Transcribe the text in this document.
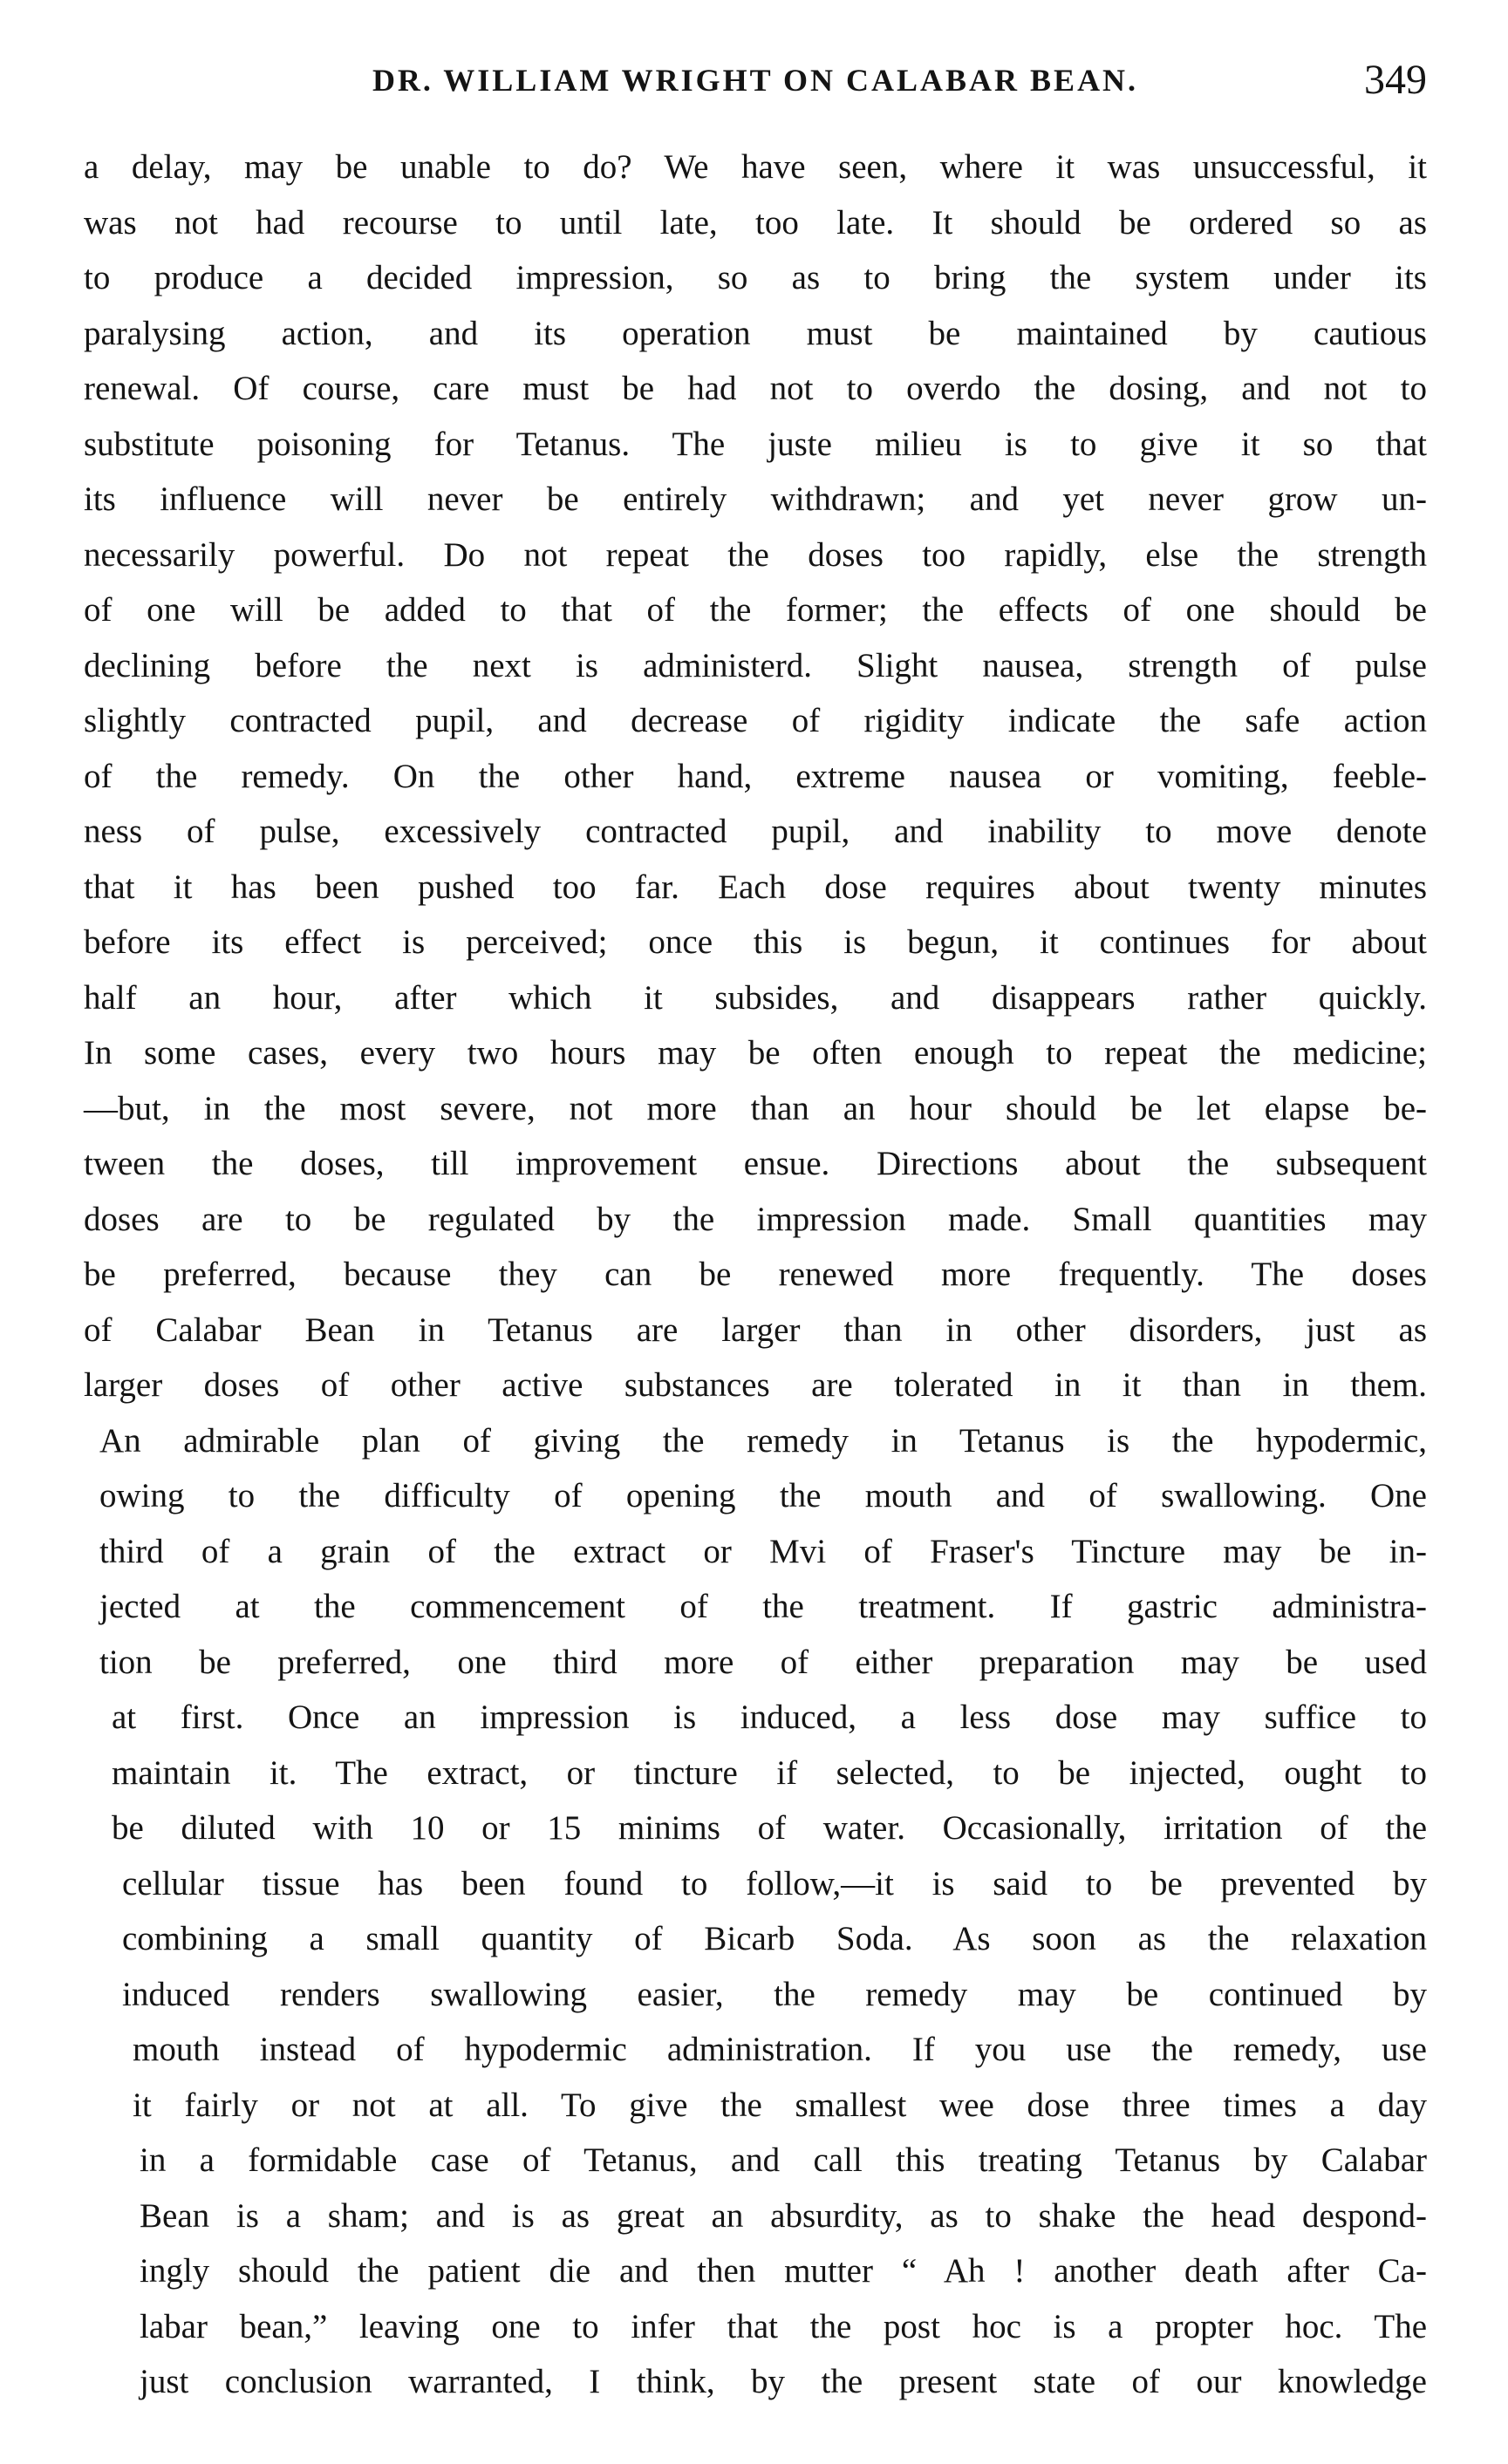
DR. WILLIAM WRIGHT ON CALABAR BEAN.	349
a delay, may be unable to do? We have seen, where it was unsuccessful, it
was not had recourse to until late, too late. It should be ordered so as
to produce a decided impression, so as to bring the system under its
paralysing action, and its operation must be maintained by cautious
renewal. Of course, care must be had not to overdo the dosing, and not to
substitute poisoning for Tetanus. The juste milieu is to give it so that
its influence will never be entirely withdrawn; and yet never grow un-
necessarily powerful. Do not repeat the doses too rapidly, else the strength
of one will be added to that of the former; the effects of one should be
declining before the next is administerd. Slight nausea, strength of pulse
slightly contracted pupil, and decrease of rigidity indicate the safe action
of the remedy. On the other hand, extreme nausea or vomiting, feeble-
ness of pulse, excessively contracted pupil, and inability to move denote
that it has been pushed too far. Each dose requires about twenty minutes
before its effect is perceived; once this is begun, it continues for about
half an hour, after which it subsides, and disappears rather quickly.
In some cases, every two hours may be often enough to repeat the medicine;
—but, in the most severe, not more than an hour should be let elapse be-
tween the doses, till improvement ensue. Directions about the subsequent
doses are to be regulated by the impression made. Small quantities may
be preferred, because they can be renewed more frequently. The doses
of Calabar Bean in Tetanus are larger than in other disorders, just as
larger doses of other active substances are tolerated in it than in them.
An admirable plan of giving the remedy in Tetanus is the hypodermic,
owing to the difficulty of opening the mouth and of swallowing. One
third of a grain of the extract or Mvi of Fraser's Tincture may be in-
jected at the commencement of the treatment. If gastric administra-
tion be preferred, one third more of either preparation may be used
at first. Once an impression is induced, a less dose may suffice to
maintain it. The extract, or tincture if selected, to be injected, ought to
be diluted with 10 or 15 minims of water. Occasionally, irritation of the
cellular tissue has been found to follow,—it is said to be prevented by
combining a small quantity of Bicarb Soda. As soon as the relaxation
induced renders swallowing easier, the remedy may be continued by
mouth instead of hypodermic administration. If you use the remedy, use
it fairly or not at all. To give the smallest wee dose three times a day
in a formidable case of Tetanus, and call this treating Tetanus by Calabar
Bean is a sham; and is as great an absurdity, as to shake the head despond-
ingly should the patient die and then mutter “ Ah ! another death after Ca-
labar bean,” leaving one to infer that the post hoc is a propter hoc. The
just conclusion warranted, I think, by the present state of our knowledge
